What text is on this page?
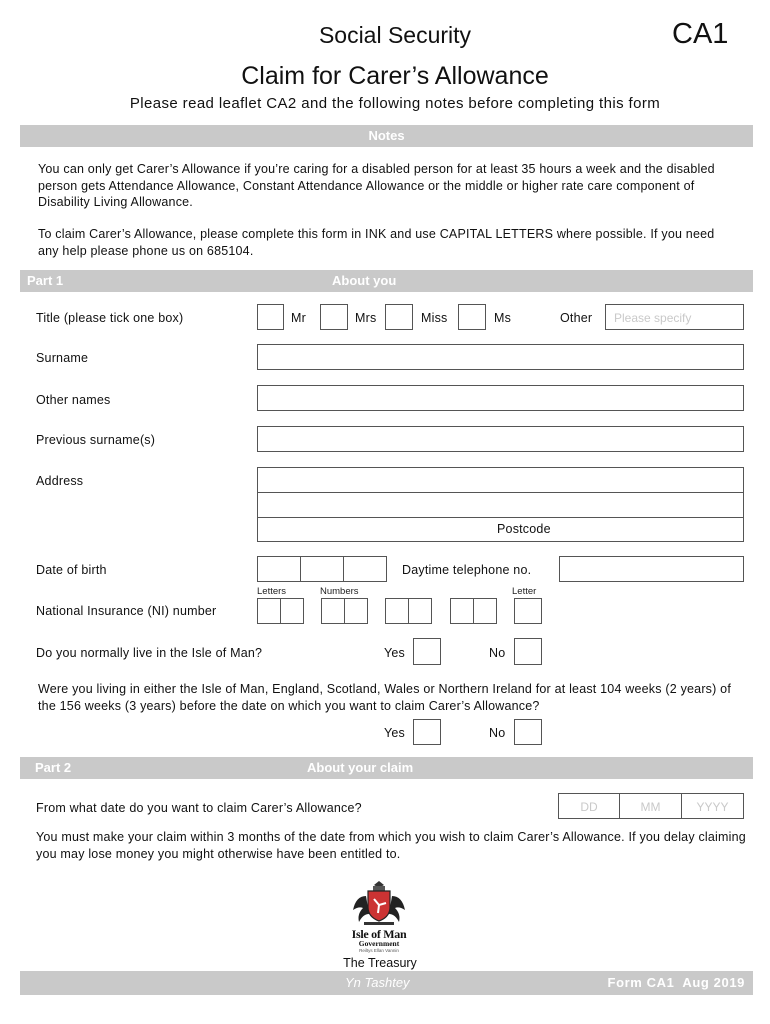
Social Security	CA1
Claim for Carer’s Allowance
Please read leaflet CA2 and the following notes before completing this form
Notes
You can only get Carer’s Allowance if you’re caring for a disabled person for at least 35 hours a week and the disabled person gets Attendance Allowance, Constant Attendance Allowance or the middle or higher rate care component of Disability Living Allowance.
To claim Carer’s Allowance, please complete this form in INK and use CAPITAL LETTERS where possible. If you need any help please phone us on 685104.
Part 1	About you
Title (please tick one box)	Mr	Mrs	Miss	Ms	Other Please specify
Surname
Other names
Previous surname(s)
Address
Postcode
Date of birth	Daytime telephone no.
Letters	Numbers	Letter
National Insurance (NI) number
Do you normally live in the Isle of Man?	Yes	No
Were you living in either the Isle of Man, England, Scotland, Wales or Northern Ireland for at least 104 weeks (2 years) of the 156 weeks (3 years) before the date on which you want to claim Carer’s Allowance?
Yes	No
Part 2	About your claim
From what date do you want to claim Carer’s Allowance?	DD	MM	YYYY
You must make your claim within 3 months of the date from which you wish to claim Carer’s Allowance. If you delay claiming you may lose money you might otherwise have been entitled to.
Isle of Man
Government
Reiltys Ellan Vannin
The Treasury
Yn Tashtey	Form CA1  Aug 2019
